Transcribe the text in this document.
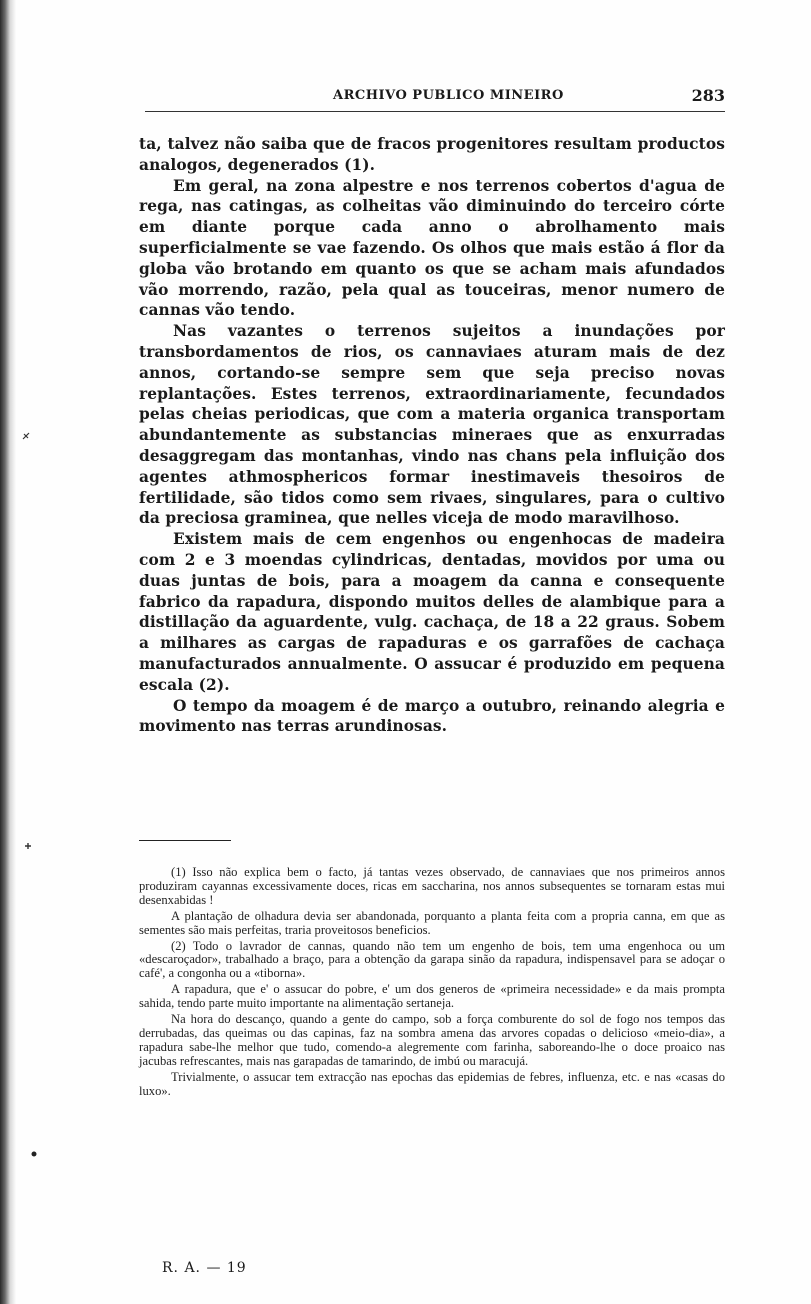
ARCHIVO PUBLICO MINEIRO	283

ta, talvez não saiba que de fracos progenitores resultam productos analogos, degenerados (1).

Em geral, na zona alpestre e nos terrenos cobertos d'agua de rega, nas catingas, as colheitas vão diminuindo do terceiro córte em diante porque cada anno o abrolhamento mais superficialmente se vae fazendo. Os olhos que mais estão á flor da globa vão brotando em quanto os que se acham mais afundados vão morrendo, razão, pela qual as touceiras, menor numero de cannas vão tendo.

Nas vazantes o terrenos sujeitos a inundações por transbordamentos de rios, os cannaviaes aturam mais de dez annos, cortando-se sempre sem que seja preciso novas replantações. Estes terrenos, extraordinariamente, fecundados pelas cheias periodicas, que com a materia organica transportam abundantemente as substancias mineraes que as enxurradas desaggregam das montanhas, vindo nas chans pela influição dos agentes athmosphericos formar inestimaveis thesoiros de fertilidade, são tidos como sem rivaes, singulares, para o cultivo da preciosa graminea, que nelles viceja de modo maravilhoso.

Existem mais de cem engenhos ou engenhocas de madeira com 2 e 3 moendas cylindricas, dentadas, movidos por uma ou duas juntas de bois, para a moagem da canna e consequente fabrico da rapadura, dispondo muitos delles de alambique para a distillação da aguardente, vulg. cachaça, de 18 a 22 graus. Sobem a milhares as cargas de rapaduras e os garrafões de cachaça manufacturados annualmente. O assucar é produzido em pequena escala (2).

O tempo da moagem é de março a outubro, reinando alegria e movimento nas terras arundinosas.

(1) Isso não explica bem o facto, já tantas vezes observado, de cannaviaes que nos primeiros annos produziram cayannas excessivamente doces, ricas em saccharina, nos annos subsequentes se tornaram estas mui desenxabidas !

A plantação de olhadura devia ser abandonada, porquanto a planta feita com a propria canna, em que as sementes são mais perfeitas, traria proveitosos beneficios.

(2) Todo o lavrador de cannas, quando não tem um engenho de bois, tem uma engenhoca ou um «descaroçador», trabalhado a braço, para a obtenção da garapa sinão da rapadura, indispensavel para se adoçar o café', a congonha ou a «tiborna».

A rapadura, que e' o assucar do pobre, e' um dos generos de «primeira necessidade» e da mais prompta sahida, tendo parte muito importante na alimentação sertaneja.

Na hora do descanço, quando a gente do campo, sob a força comburente do sol de fogo nos tempos das derrubadas, das queimas ou das capinas, faz na sombra amena das arvores copadas o delicioso «meio-dia», a rapadura sabe-lhe melhor que tudo, comendo-a alegremente com farinha, saboreando-lhe o doce proaico nas jacubas refrescantes, mais nas garapadas de tamarindo, de imbú ou maracujá.

Trivialmente, o assucar tem extracção nas epochas das epidemias de febres, influenza, etc. e nas «casas do luxo».

R. A. — 19
